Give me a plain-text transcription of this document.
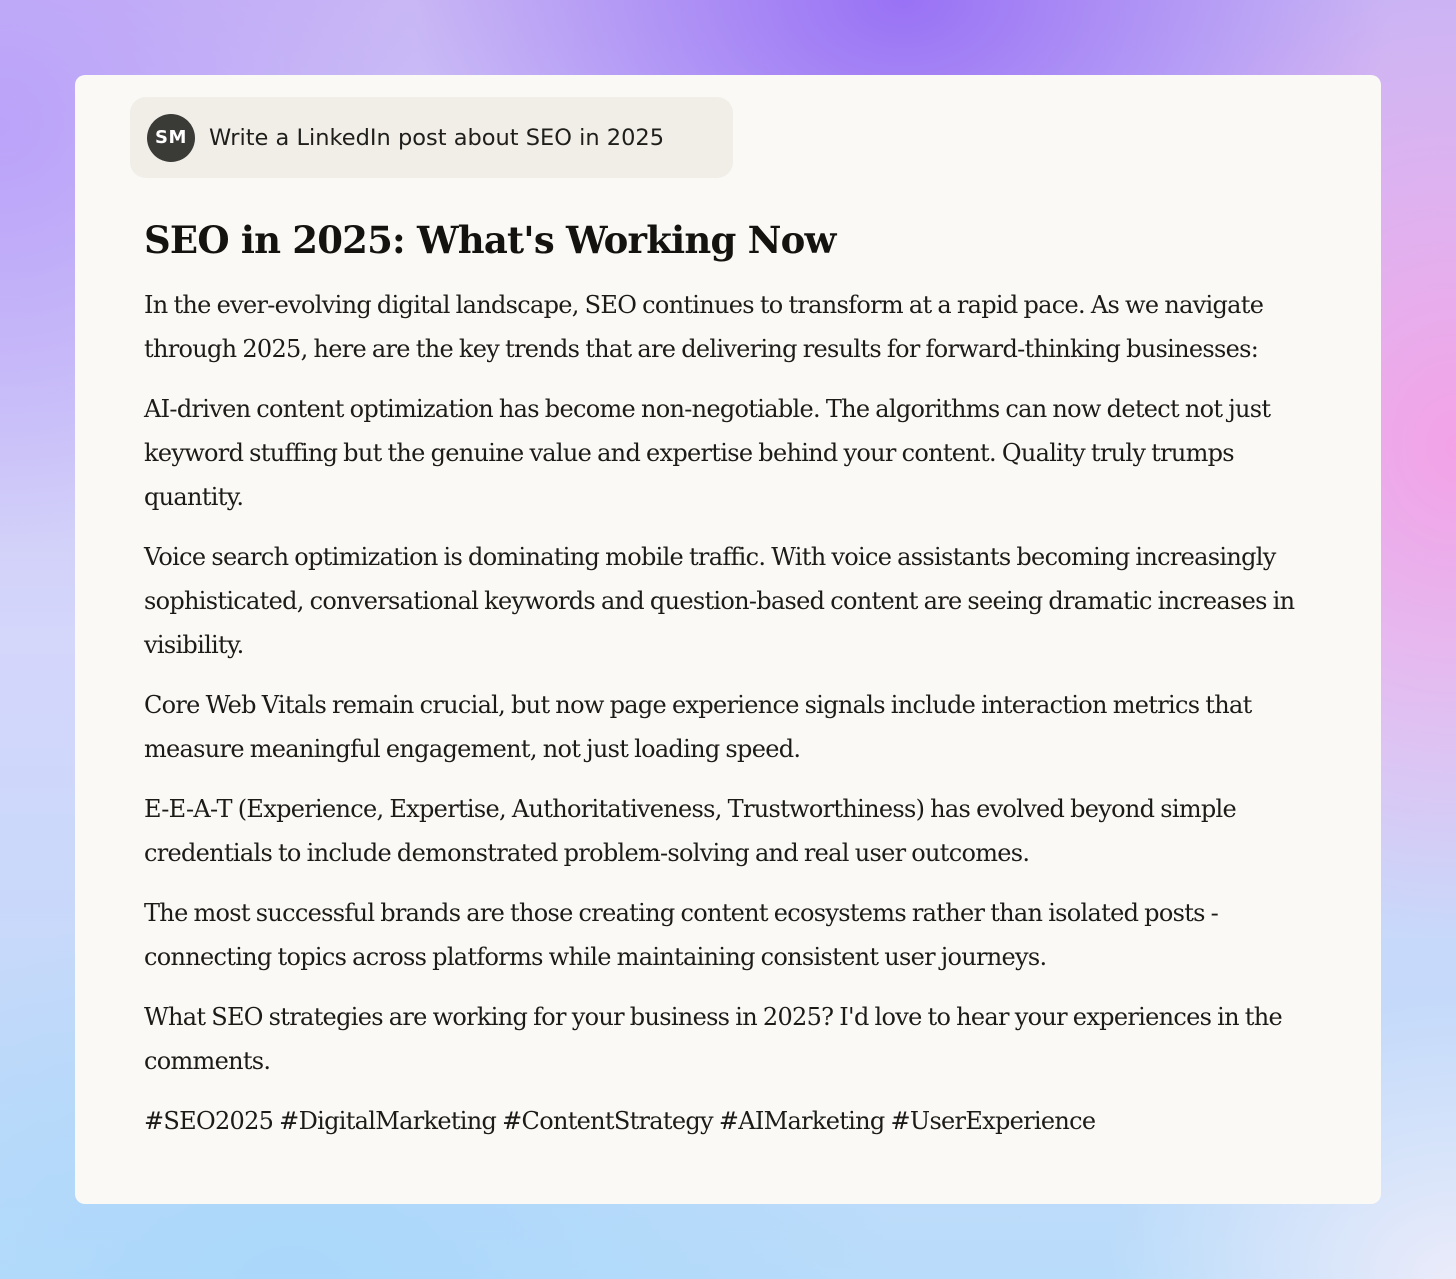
SM Write a LinkedIn post about SEO in 2025
SEO in 2025: What's Working Now

In the ever-evolving digital landscape, SEO continues to transform at a rapid pace. As we navigate through 2025, here are the key trends that are delivering results for forward-thinking businesses:

AI-driven content optimization has become non-negotiable. The algorithms can now detect not just keyword stuffing but the genuine value and expertise behind your content. Quality truly trumps quantity.

Voice search optimization is dominating mobile traffic. With voice assistants becoming increasingly sophisticated, conversational keywords and question-based content are seeing dramatic increases in visibility.

Core Web Vitals remain crucial, but now page experience signals include interaction metrics that measure meaningful engagement, not just loading speed.

E-E-A-T (Experience, Expertise, Authoritativeness, Trustworthiness) has evolved beyond simple credentials to include demonstrated problem-solving and real user outcomes.

The most successful brands are those creating content ecosystems rather than isolated posts - connecting topics across platforms while maintaining consistent user journeys.

What SEO strategies are working for your business in 2025? I'd love to hear your experiences in the comments.

#SEO2025 #DigitalMarketing #ContentStrategy #AIMarketing #UserExperience
